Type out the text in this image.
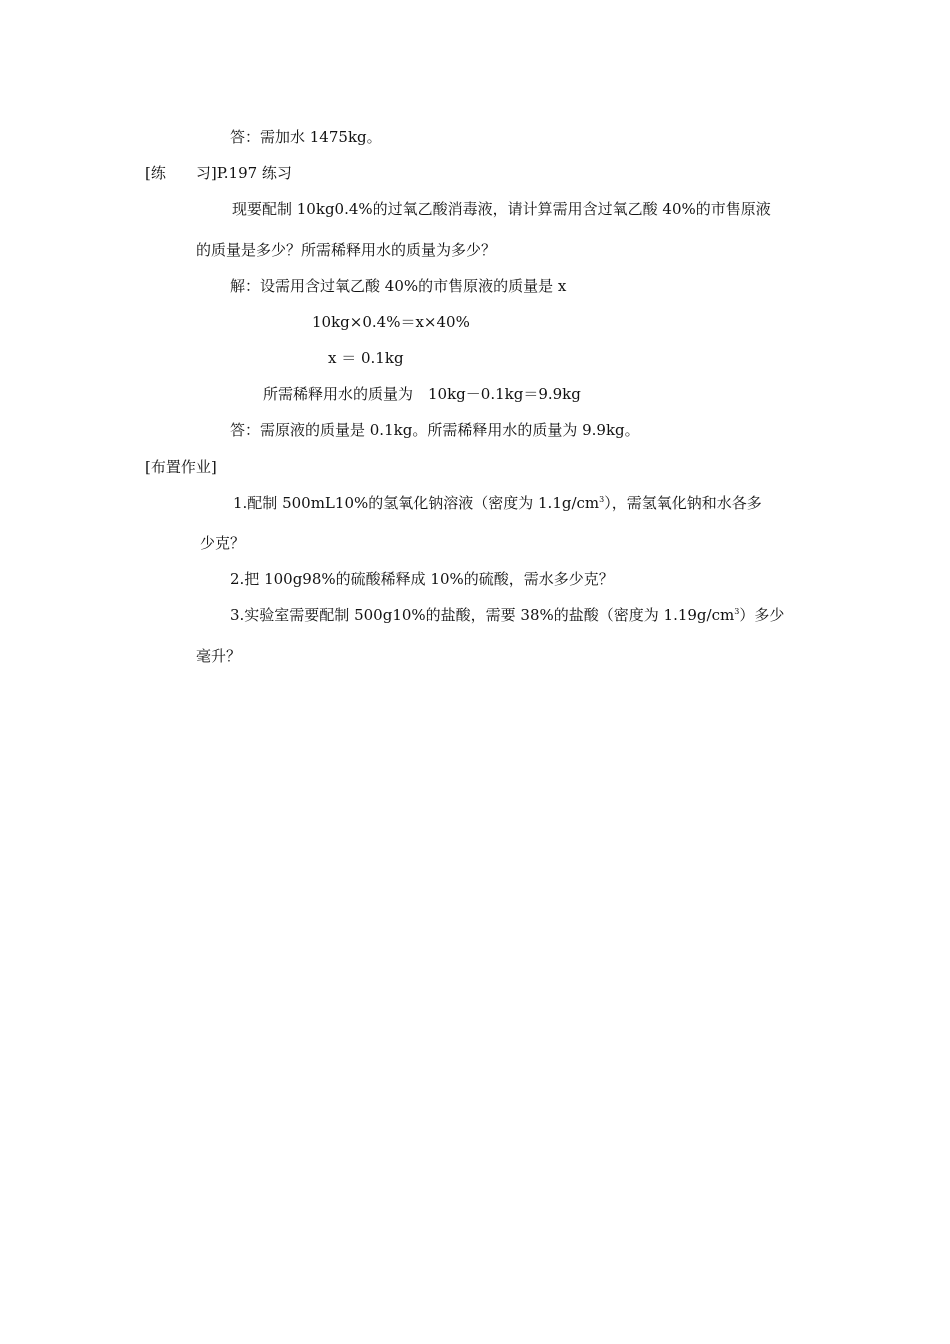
答：需加水 1475kg。
[练　　习]P.197 练习
现要配制 10kg0.4%的过氧乙酸消毒液，请计算需用含过氧乙酸 40%的市售原液
的质量是多少？所需稀释用水的质量为多少？
解：设需用含过氧乙酸 40%的市售原液的质量是 x
10kg×0.4%＝x×40%
x ＝ 0.1kg
所需稀释用水的质量为　10kg－0.1kg＝9.9kg
答：需原液的质量是 0.1kg。所需稀释用水的质量为 9.9kg。
[布置作业]
1.配制 500mL10%的氢氧化钠溶液（密度为 $1.1g/cm^3$），需氢氧化钠和水各多
少克？
2.把 100g98%的硫酸稀释成 10%的硫酸，需水多少克？
3.实验室需要配制 500g10%的盐酸，需要 38%的盐酸（密度为 $1.19g/cm^3$）多少
毫升？
